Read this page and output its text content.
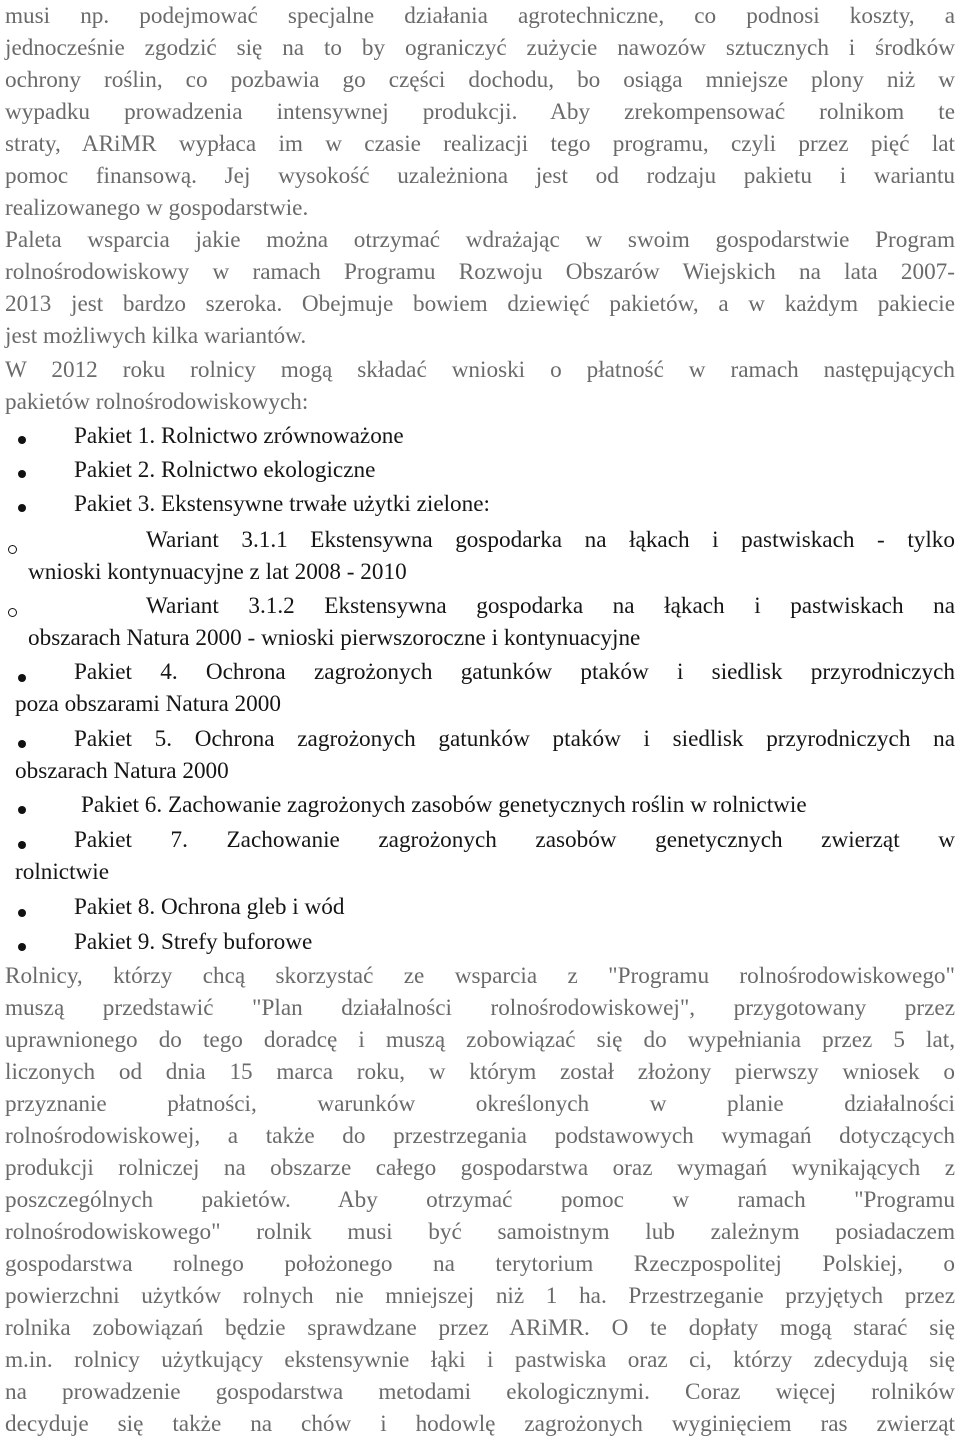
musi np. podejmować specjalne działania agrotechniczne, co podnosi koszty, a

jednocześnie zgodzić się na to by ograniczyć zużycie nawozów sztucznych i środków

ochrony roślin, co pozbawia go części dochodu, bo osiąga mniejsze plony niż w

wypadku prowadzenia intensywnej produkcji. Aby zrekompensować rolnikom te

straty, ARiMR wypłaca im w czasie realizacji tego programu, czyli przez pięć lat

pomoc finansową. Jej wysokość uzależniona jest od rodzaju pakietu i wariantu

realizowanego w gospodarstwie.

Paleta wsparcia jakie można otrzymać wdrażając w swoim gospodarstwie Program

rolnośrodowiskowy w ramach Programu Rozwoju Obszarów Wiejskich na lata 2007-

2013 jest bardzo szeroka. Obejmuje bowiem dziewięć pakietów, a w każdym pakiecie

jest możliwych kilka wariantów.

W 2012 roku rolnicy mogą składać wnioski o płatność w ramach następujących

pakietów rolnośrodowiskowych:

Pakiet 1. Rolnictwo zrównoważone

Pakiet 2. Rolnictwo ekologiczne

Pakiet 3. Ekstensywne trwałe użytki zielone:

Wariant 3.1.1 Ekstensywna gospodarka na łąkach i pastwiskach - tylko

wnioski kontynuacyjne z lat 2008 - 2010

Wariant 3.1.2 Ekstensywna gospodarka na łąkach i pastwiskach na

obszarach Natura 2000 - wnioski pierwszoroczne i kontynuacyjne

Pakiet 4. Ochrona zagrożonych gatunków ptaków i siedlisk przyrodniczych

poza obszarami Natura 2000

Pakiet 5. Ochrona zagrożonych gatunków ptaków i siedlisk przyrodniczych na

obszarach Natura 2000

Pakiet 6. Zachowanie zagrożonych zasobów genetycznych roślin w rolnictwie

Pakiet 7. Zachowanie zagrożonych zasobów genetycznych zwierząt w

rolnictwie

Pakiet 8. Ochrona gleb i wód

Pakiet 9. Strefy buforowe

Rolnicy, którzy chcą skorzystać ze wsparcia z "Programu rolnośrodowiskowego"

muszą przedstawić "Plan działalności rolnośrodowiskowej", przygotowany przez

uprawnionego do tego doradcę i muszą zobowiązać się do wypełniania przez 5 lat,

liczonych od dnia 15 marca roku, w którym został złożony pierwszy wniosek o

przyznanie płatności, warunków określonych w planie działalności

rolnośrodowiskowej, a także do przestrzegania podstawowych wymagań dotyczących

produkcji rolniczej na obszarze całego gospodarstwa oraz wymagań wynikających z

poszczególnych pakietów. Aby otrzymać pomoc w ramach "Programu

rolnośrodowiskowego" rolnik musi być samoistnym lub zależnym posiadaczem

gospodarstwa rolnego położonego na terytorium Rzeczpospolitej Polskiej, o

powierzchni użytków rolnych nie mniejszej niż 1 ha. Przestrzeganie przyjętych przez

rolnika zobowiązań będzie sprawdzane przez ARiMR. O te dopłaty mogą starać się

m.in. rolnicy użytkujący ekstensywnie łąki i pastwiska oraz ci, którzy zdecydują się

na prowadzenie gospodarstwa metodami ekologicznymi. Coraz więcej rolników

decyduje się także na chów i hodowlę zagrożonych wyginięciem ras zwierząt
